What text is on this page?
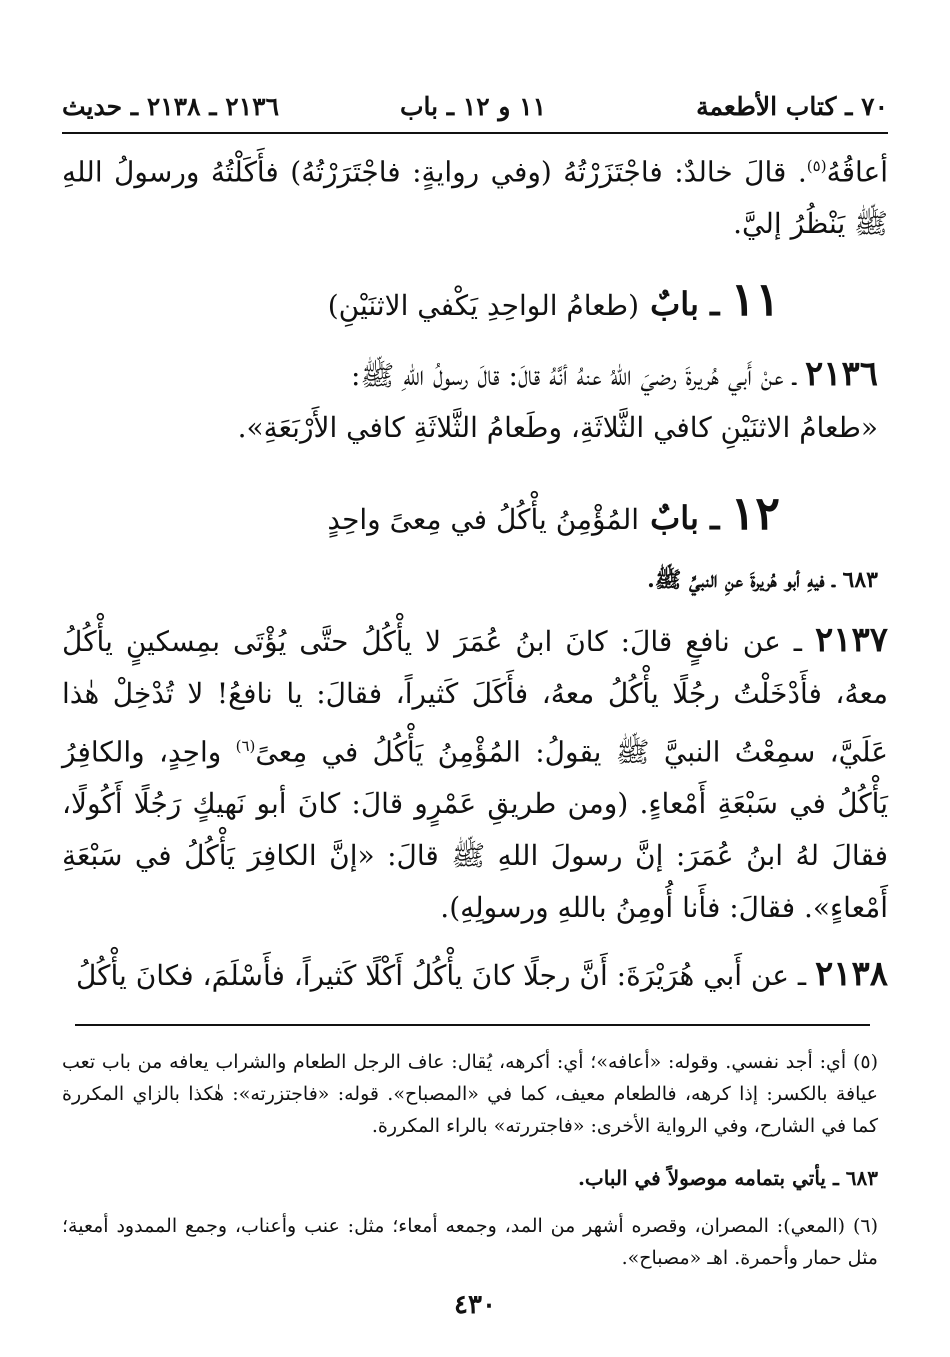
٧٠ ـ كتاب الأطعمة
١١ و ١٢ ـ باب
٢١٣٦ ـ ٢١٣٨ ـ حديث
أعاقُهُ$^{(٥)}$. قالَ خالدٌ: فاجْتَزَرْتُهُ (وفي روايةٍ: فاجْتَرَرْتُهُ) فأَكَلْتُهُ ورسولُ اللهِ ﷺ يَنْظُرُ إليَّ.
١١ ـ بابٌ (طعامُ الواحِدِ يَكْفي الاثنَيْنِ)
٢١٣٦ ـ عنْ أَبي هُريرةَ رضيَ اللهُ عنهُ أنَّهُ قالَ: قالَ رسولُ اللهِ ﷺ:
«طعامُ الاثنَيْنِ كافي الثَّلاثَةِ، وطَعامُ الثَّلاثَةِ كافي الأَرْبَعَةِ».
١٢ ـ بابٌ المُؤْمِنُ يأْكُلُ في مِعىً واحِدٍ
٦٨٣ ـ فيهِ أبو هُريرةَ عنِ النبيِّ ﷺ.
٢١٣٧ ـ عن نافعٍ قالَ: كانَ ابنُ عُمَرَ لا يأْكُلُ حتَّى يُؤْتَى بمِسكينٍ يأْكُلُ معهُ، فأَدْخَلْتُ رجُلًا يأْكُلُ معهُ، فأَكَلَ كَثيراً، فقالَ: يا نافعُ! لا تُدْخِلْ هٰذا عَلَيَّ، سمِعْتُ النبيَّ ﷺ يقولُ: المُؤْمِنُ يَأْكُلُ في مِعىً$^{(٦)}$ واحِدٍ، والكافِرُ يَأْكُلُ في سَبْعَةِ أَمْعاءٍ. (ومن طريقِ عَمْرٍو قالَ: كانَ أبو نَهيكٍ رَجُلًا أَكُولًا، فقالَ لهُ ابنُ عُمَرَ: إنَّ رسولَ اللهِ ﷺ قالَ: «إنَّ الكافِرَ يَأْكُلُ في سَبْعَةِ أَمْعاءٍ». فقالَ: فأَنا أُومِنُ باللهِ ورسولِهِ).
٢١٣٨ ـ عن أَبي هُرَيْرَةَ: أَنَّ رجلًا كانَ يأْكُلُ أَكْلًا كَثيراً، فأَسْلَمَ، فكانَ يأْكُلُ
(٥) أي: أجد نفسي. وقوله: «أعافه»؛ أي: أكرهه، يُقال: عاف الرجل الطعام والشراب يعافه من باب تعب عيافة بالكسر: إذا كرهه، فالطعام معيف، كما في «المصباح». قوله: «فاجتزرته»: هٰكذا بالزاي المكررة كما في الشارح، وفي الرواية الأخرى: «فاجتررته» بالراء المكررة.
٦٨٣ ـ يأتي بتمامه موصولاً في الباب.
(٦) (المعي): المصران، وقصره أشهر من المد، وجمعه أمعاء؛ مثل: عنب وأعناب، وجمع الممدود أمعية؛ مثل حمار وأحمرة. اهـ «مصباح».
٤٣٠
